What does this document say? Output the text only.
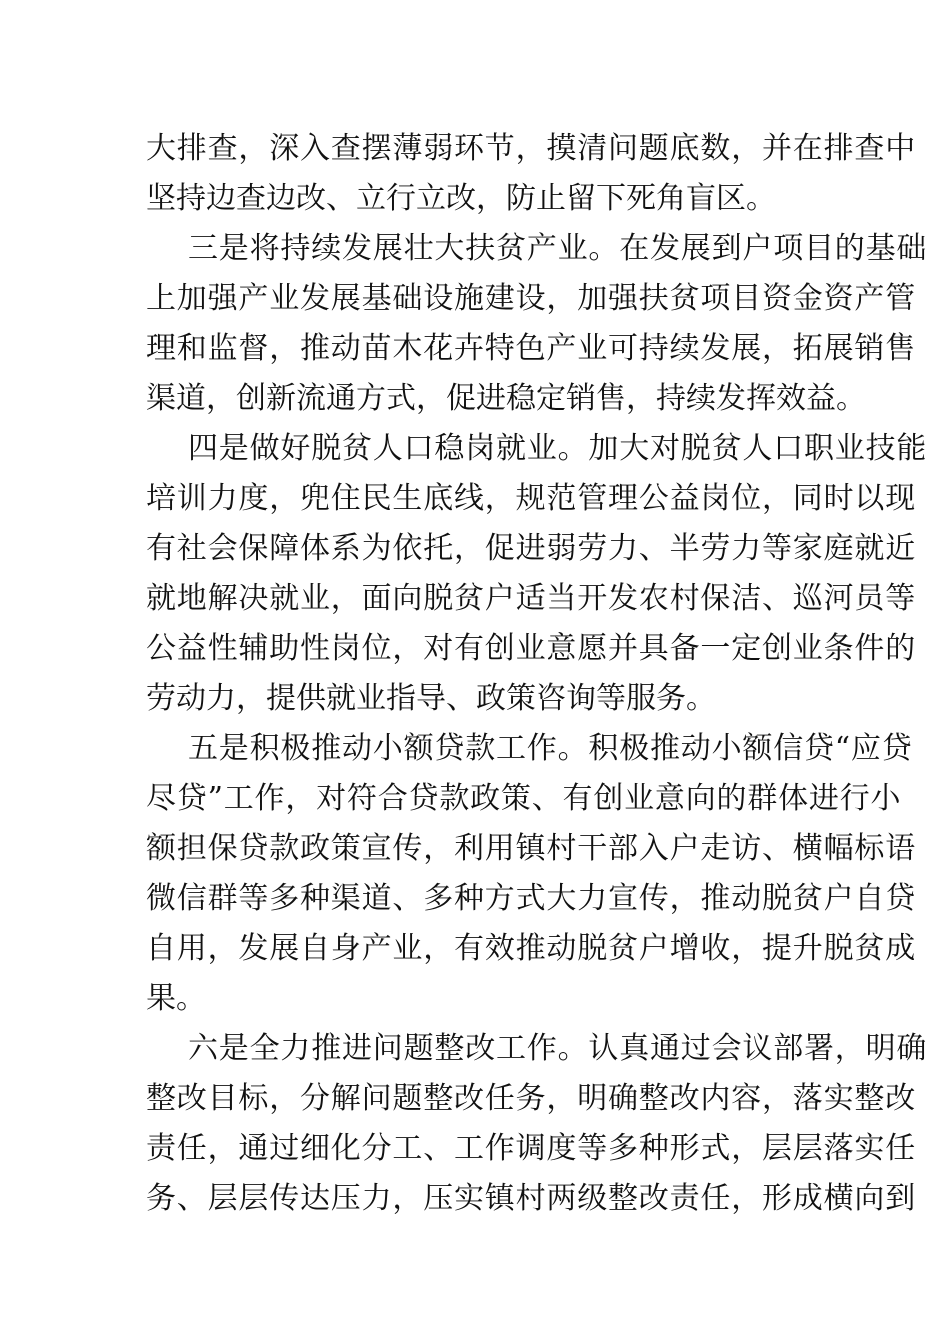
大排查，深入查摆薄弱环节，摸清问题底数，并在排查中
坚持边查边改、立行立改，防止留下死角盲区。
三是将持续发展壮大扶贫产业。在发展到户项目的基础
上加强产业发展基础设施建设，加强扶贫项目资金资产管
理和监督，推动苗木花卉特色产业可持续发展，拓展销售
渠道，创新流通方式，促进稳定销售，持续发挥效益。
四是做好脱贫人口稳岗就业。加大对脱贫人口职业技能
培训力度，兜住民生底线，规范管理公益岗位，同时以现
有社会保障体系为依托，促进弱劳力、半劳力等家庭就近
就地解决就业，面向脱贫户适当开发农村保洁、巡河员等
公益性辅助性岗位，对有创业意愿并具备一定创业条件的
劳动力，提供就业指导、政策咨询等服务。
五是积极推动小额贷款工作。积极推动小额信贷“应贷
尽贷”工作，对符合贷款政策、有创业意向的群体进行小
额担保贷款政策宣传，利用镇村干部入户走访、横幅标语
微信群等多种渠道、多种方式大力宣传，推动脱贫户自贷
自用，发展自身产业，有效推动脱贫户增收，提升脱贫成
果。
六是全力推进问题整改工作。认真通过会议部署，明确
整改目标，分解问题整改任务，明确整改内容，落实整改
责任，通过细化分工、工作调度等多种形式，层层落实任
务、层层传达压力，压实镇村两级整改责任，形成横向到
